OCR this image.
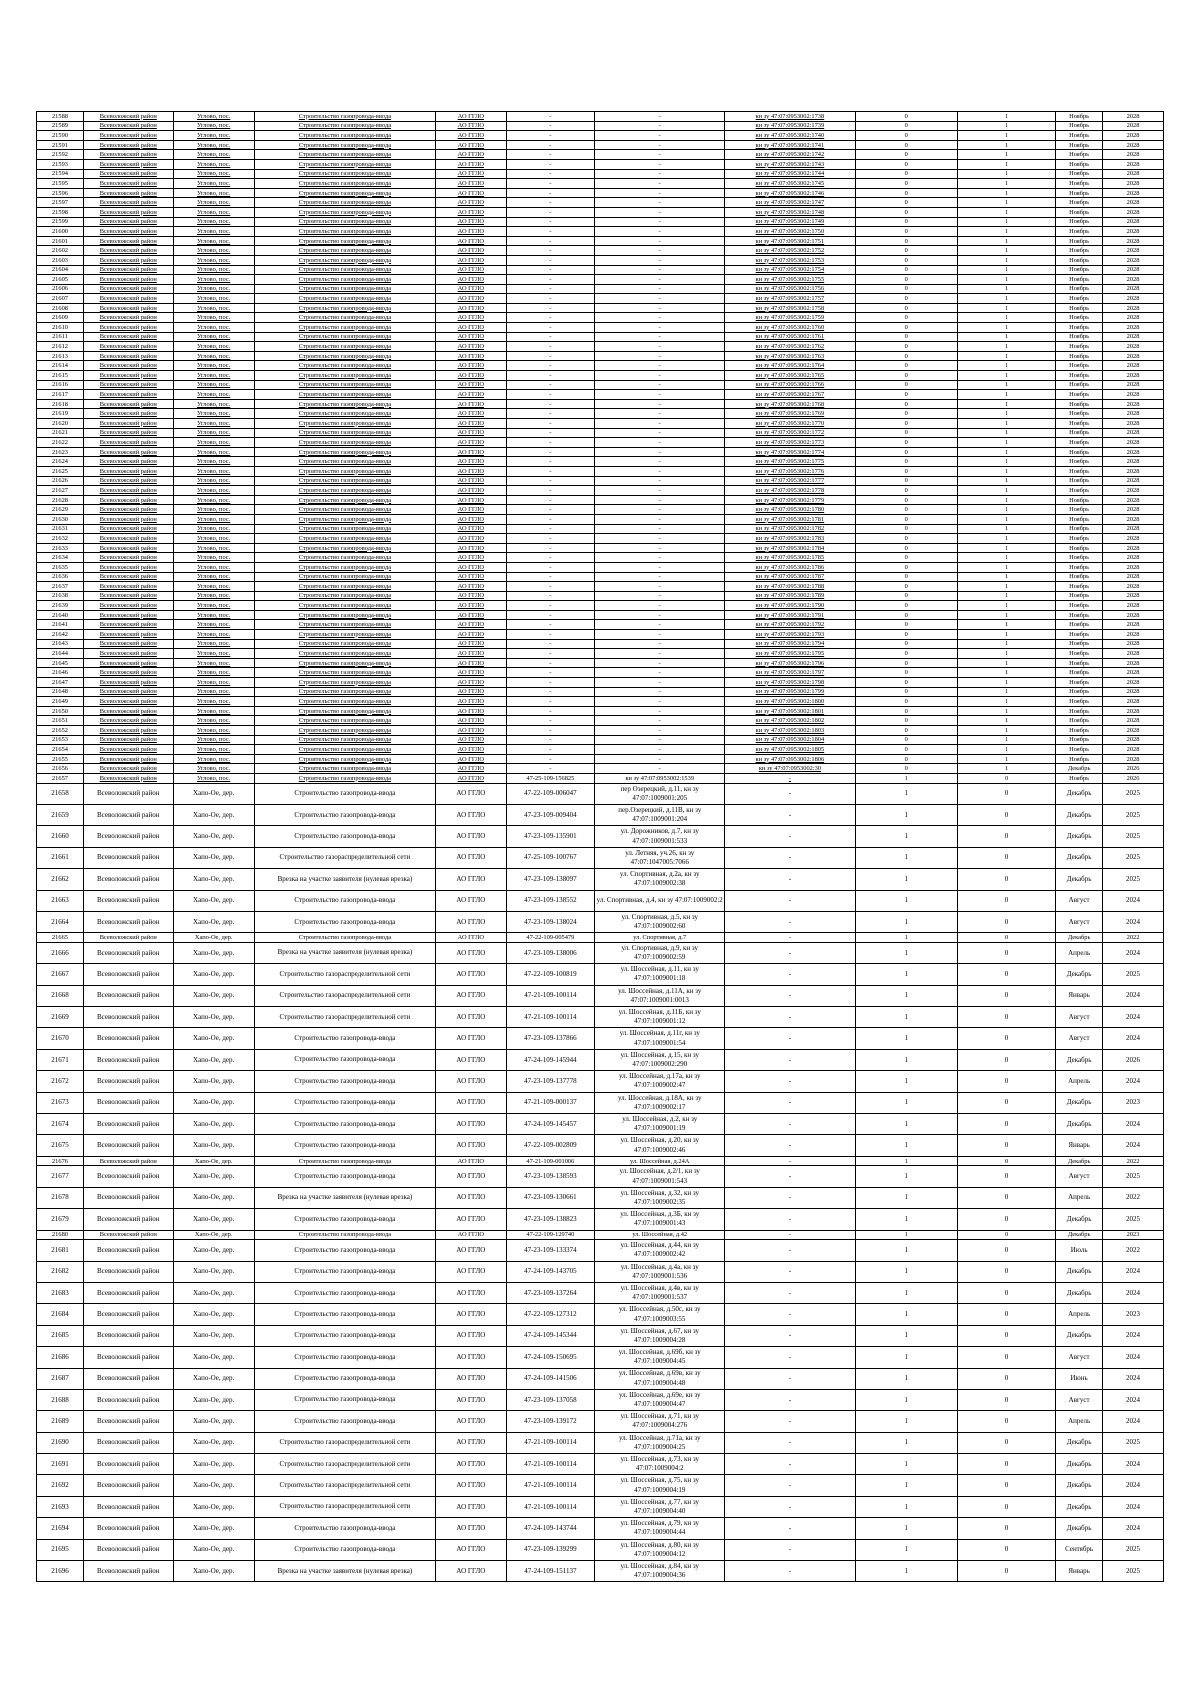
21588	Всеволожский район	Углово, пос.	Строительство газопровода-ввода	АО ГГЛО	-	-	кн зу 47:07:0953002:1738	0	1	Ноябрь	2028
21589	Всеволожский район	Углово, пос.	Строительство газопровода-ввода	АО ГГЛО	-	-	кн зу 47:07:0953002:1739	0	1	Ноябрь	2028
21590	Всеволожский район	Углово, пос.	Строительство газопровода-ввода	АО ГГЛО	-	-	кн зу 47:07:0953002:1740	0	1	Ноябрь	2028
21591	Всеволожский район	Углово, пос.	Строительство газопровода-ввода	АО ГГЛО	-	-	кн зу 47:07:0953002:1741	0	1	Ноябрь	2028
21592	Всеволожский район	Углово, пос.	Строительство газопровода-ввода	АО ГГЛО	-	-	кн зу 47:07:0953002:1742	0	1	Ноябрь	2028
21593	Всеволожский район	Углово, пос.	Строительство газопровода-ввода	АО ГГЛО	-	-	кн зу 47:07:0953002:1743	0	1	Ноябрь	2028
21594	Всеволожский район	Углово, пос.	Строительство газопровода-ввода	АО ГГЛО	-	-	кн зу 47:07:0953002:1744	0	1	Ноябрь	2028
21595	Всеволожский район	Углово, пос.	Строительство газопровода-ввода	АО ГГЛО	-	-	кн зу 47:07:0953002:1745	0	1	Ноябрь	2028
21596	Всеволожский район	Углово, пос.	Строительство газопровода-ввода	АО ГГЛО	-	-	кн зу 47:07:0953002:1746	0	1	Ноябрь	2028
21597	Всеволожский район	Углово, пос.	Строительство газопровода-ввода	АО ГГЛО	-	-	кн зу 47:07:0953002:1747	0	1	Ноябрь	2028
21598	Всеволожский район	Углово, пос.	Строительство газопровода-ввода	АО ГГЛО	-	-	кн зу 47:07:0953002:1748	0	1	Ноябрь	2028
21599	Всеволожский район	Углово, пос.	Строительство газопровода-ввода	АО ГГЛО	-	-	кн зу 47:07:0953002:1749	0	1	Ноябрь	2028
21600	Всеволожский район	Углово, пос.	Строительство газопровода-ввода	АО ГГЛО	-	-	кн зу 47:07:0953002:1750	0	1	Ноябрь	2028
21601	Всеволожский район	Углово, пос.	Строительство газопровода-ввода	АО ГГЛО	-	-	кн зу 47:07:0953002:1751	0	1	Ноябрь	2028
21602	Всеволожский район	Углово, пос.	Строительство газопровода-ввода	АО ГГЛО	-	-	кн зу 47:07:0953002:1752	0	1	Ноябрь	2028
21603	Всеволожский район	Углово, пос.	Строительство газопровода-ввода	АО ГГЛО	-	-	кн зу 47:07:0953002:1753	0	1	Ноябрь	2028
21604	Всеволожский район	Углово, пос.	Строительство газопровода-ввода	АО ГГЛО	-	-	кн зу 47:07:0953002:1754	0	1	Ноябрь	2028
21605	Всеволожский район	Углово, пос.	Строительство газопровода-ввода	АО ГГЛО	-	-	кн зу 47:07:0953002:1755	0	1	Ноябрь	2028
21606	Всеволожский район	Углово, пос.	Строительство газопровода-ввода	АО ГГЛО	-	-	кн зу 47:07:0953002:1756	0	1	Ноябрь	2028
21607	Всеволожский район	Углово, пос.	Строительство газопровода-ввода	АО ГГЛО	-	-	кн зу 47:07:0953002:1757	0	1	Ноябрь	2028
21608	Всеволожский район	Углово, пос.	Строительство газопровода-ввода	АО ГГЛО	-	-	кн зу 47:07:0953002:1758	0	1	Ноябрь	2028
21609	Всеволожский район	Углово, пос.	Строительство газопровода-ввода	АО ГГЛО	-	-	кн зу 47:07:0953002:1759	0	1	Ноябрь	2028
21610	Всеволожский район	Углово, пос.	Строительство газопровода-ввода	АО ГГЛО	-	-	кн зу 47:07:0953002:1760	0	1	Ноябрь	2028
21611	Всеволожский район	Углово, пос.	Строительство газопровода-ввода	АО ГГЛО	-	-	кн зу 47:07:0953002:1761	0	1	Ноябрь	2028
21612	Всеволожский район	Углово, пос.	Строительство газопровода-ввода	АО ГГЛО	-	-	кн зу 47:07:0953002:1762	0	1	Ноябрь	2028
21613	Всеволожский район	Углово, пос.	Строительство газопровода-ввода	АО ГГЛО	-	-	кн зу 47:07:0953002:1763	0	1	Ноябрь	2028
21614	Всеволожский район	Углово, пос.	Строительство газопровода-ввода	АО ГГЛО	-	-	кн зу 47:07:0953002:1764	0	1	Ноябрь	2028
21615	Всеволожский район	Углово, пос.	Строительство газопровода-ввода	АО ГГЛО	-	-	кн зу 47:07:0953002:1765	0	1	Ноябрь	2028
21616	Всеволожский район	Углово, пос.	Строительство газопровода-ввода	АО ГГЛО	-	-	кн зу 47:07:0953002:1766	0	1	Ноябрь	2028
21617	Всеволожский район	Углово, пос.	Строительство газопровода-ввода	АО ГГЛО	-	-	кн зу 47:07:0953002:1767	0	1	Ноябрь	2028
21618	Всеволожский район	Углово, пос.	Строительство газопровода-ввода	АО ГГЛО	-	-	кн зу 47:07:0953002:1768	0	1	Ноябрь	2028
21619	Всеволожский район	Углово, пос.	Строительство газопровода-ввода	АО ГГЛО	-	-	кн зу 47:07:0953002:1769	0	1	Ноябрь	2028
21620	Всеволожский район	Углово, пос.	Строительство газопровода-ввода	АО ГГЛО	-	-	кн зу 47:07:0953002:1770	0	1	Ноябрь	2028
21621	Всеволожский район	Углово, пос.	Строительство газопровода-ввода	АО ГГЛО	-	-	кн зу 47:07:0953002:1772	0	1	Ноябрь	2028
21622	Всеволожский район	Углово, пос.	Строительство газопровода-ввода	АО ГГЛО	-	-	кн зу 47:07:0953002:1773	0	1	Ноябрь	2028
21623	Всеволожский район	Углово, пос.	Строительство газопровода-ввода	АО ГГЛО	-	-	кн зу 47:07:0953002:1774	0	1	Ноябрь	2028
21624	Всеволожский район	Углово, пос.	Строительство газопровода-ввода	АО ГГЛО	-	-	кн зу 47:07:0953002:1775	0	1	Ноябрь	2028
21625	Всеволожский район	Углово, пос.	Строительство газопровода-ввода	АО ГГЛО	-	-	кн зу 47:07:0953002:1776	0	1	Ноябрь	2028
21626	Всеволожский район	Углово, пос.	Строительство газопровода-ввода	АО ГГЛО	-	-	кн зу 47:07:0953002:1777	0	1	Ноябрь	2028
21627	Всеволожский район	Углово, пос.	Строительство газопровода-ввода	АО ГГЛО	-	-	кн зу 47:07:0953002:1778	0	1	Ноябрь	2028
21628	Всеволожский район	Углово, пос.	Строительство газопровода-ввода	АО ГГЛО	-	-	кн зу 47:07:0953002:1779	0	1	Ноябрь	2028
21629	Всеволожский район	Углово, пос.	Строительство газопровода-ввода	АО ГГЛО	-	-	кн зу 47:07:0953002:1780	0	1	Ноябрь	2028
21630	Всеволожский район	Углово, пос.	Строительство газопровода-ввода	АО ГГЛО	-	-	кн зу 47:07:0953002:1781	0	1	Ноябрь	2028
21631	Всеволожский район	Углово, пос.	Строительство газопровода-ввода	АО ГГЛО	-	-	кн зу 47:07:0953002:1782	0	1	Ноябрь	2028
21632	Всеволожский район	Углово, пос.	Строительство газопровода-ввода	АО ГГЛО	-	-	кн зу 47:07:0953002:1783	0	1	Ноябрь	2028
21633	Всеволожский район	Углово, пос.	Строительство газопровода-ввода	АО ГГЛО	-	-	кн зу 47:07:0953002:1784	0	1	Ноябрь	2028
21634	Всеволожский район	Углово, пос.	Строительство газопровода-ввода	АО ГГЛО	-	-	кн зу 47:07:0953002:1785	0	1	Ноябрь	2028
21635	Всеволожский район	Углово, пос.	Строительство газопровода-ввода	АО ГГЛО	-	-	кн зу 47:07:0953002:1786	0	1	Ноябрь	2028
21636	Всеволожский район	Углово, пос.	Строительство газопровода-ввода	АО ГГЛО	-	-	кн зу 47:07:0953002:1787	0	1	Ноябрь	2028
21637	Всеволожский район	Углово, пос.	Строительство газопровода-ввода	АО ГГЛО	-	-	кн зу 47:07:0953002:1788	0	1	Ноябрь	2028
21638	Всеволожский район	Углово, пос.	Строительство газопровода-ввода	АО ГГЛО	-	-	кн зу 47:07:0953002:1789	0	1	Ноябрь	2028
21639	Всеволожский район	Углово, пос.	Строительство газопровода-ввода	АО ГГЛО	-	-	кн зу 47:07:0953002:1790	0	1	Ноябрь	2028
21640	Всеволожский район	Углово, пос.	Строительство газопровода-ввода	АО ГГЛО	-	-	кн зу 47:07:0953002:1791	0	1	Ноябрь	2028
21641	Всеволожский район	Углово, пос.	Строительство газопровода-ввода	АО ГГЛО	-	-	кн зу 47:07:0953002:1792	0	1	Ноябрь	2028
21642	Всеволожский район	Углово, пос.	Строительство газопровода-ввода	АО ГГЛО	-	-	кн зу 47:07:0953002:1793	0	1	Ноябрь	2028
21643	Всеволожский район	Углово, пос.	Строительство газопровода-ввода	АО ГГЛО	-	-	кн зу 47:07:0953002:1794	0	1	Ноябрь	2028
21644	Всеволожский район	Углово, пос.	Строительство газопровода-ввода	АО ГГЛО	-	-	кн зу 47:07:0953002:1795	0	1	Ноябрь	2028
21645	Всеволожский район	Углово, пос.	Строительство газопровода-ввода	АО ГГЛО	-	-	кн зу 47:07:0953002:1796	0	1	Ноябрь	2028
21646	Всеволожский район	Углово, пос.	Строительство газопровода-ввода	АО ГГЛО	-	-	кн зу 47:07:0953002:1797	0	1	Ноябрь	2028
21647	Всеволожский район	Углово, пос.	Строительство газопровода-ввода	АО ГГЛО	-	-	кн зу 47:07:0953002:1798	0	1	Ноябрь	2028
21648	Всеволожский район	Углово, пос.	Строительство газопровода-ввода	АО ГГЛО	-	-	кн зу 47:07:0953002:1799	0	1	Ноябрь	2028
21649	Всеволожский район	Углово, пос.	Строительство газопровода-ввода	АО ГГЛО	-	-	кн зу 47:07:0953002:1800	0	1	Ноябрь	2028
21650	Всеволожский район	Углово, пос.	Строительство газопровода-ввода	АО ГГЛО	-	-	кн зу 47:07:0953002:1801	0	1	Ноябрь	2028
21651	Всеволожский район	Углово, пос.	Строительство газопровода-ввода	АО ГГЛО	-	-	кн зу 47:07:0953002:1802	0	1	Ноябрь	2028
21652	Всеволожский район	Углово, пос.	Строительство газопровода-ввода	АО ГГЛО	-	-	кн зу 47:07:0953002:1803	0	1	Ноябрь	2028
21653	Всеволожский район	Углово, пос.	Строительство газопровода-ввода	АО ГГЛО	-	-	кн зу 47:07:0953002:1804	0	1	Ноябрь	2028
21654	Всеволожский район	Углово, пос.	Строительство газопровода-ввода	АО ГГЛО	-	-	кн зу 47:07:0953002:1805	0	1	Ноябрь	2028
21655	Всеволожский район	Углово, пос.	Строительство газопровода-ввода	АО ГГЛО	-	-	кн зу 47:07:0953002:1806	0	1	Ноябрь	2028
21656	Всеволожский район	Углово, пос.	Строительство газопровода-ввода	АО ГГЛО	-	-	кн зу 47:07:0953002:30	0	1	Декабрь	2026
21657	Всеволожский район	Углово, пос.	Строительство газопровода-ввода	АО ГГЛО	47-25-109-156825	кн зу 47:07:0953002:1539	-	1	0	Ноябрь	2026
21658	Всеволожский район	Хапо-Ое, дер.	Строительство газопровода-ввода	АО ГГЛО	47-22-109-006047	пер Озерецкий, д.11, кн зу 47:07:1009001:205	-	1	0	Декабрь	2025
21659	Всеволожский район	Хапо-Ое, дер.	Строительство газопровода-ввода	АО ГГЛО	47-23-109-009404	пер.Озерецкий, д.11В, кн зу 47:07:1009001:204	-	1	0	Декабрь	2025
21660	Всеволожский район	Хапо-Ое, дер.	Строительство газопровода-ввода	АО ГГЛО	47-23-109-135901	ул. Дорожников, д.7, кн зу 47:07:1009001:533	-	1	0	Декабрь	2025
21661	Всеволожский район	Хапо-Ое, дер.	Строительство газораспределительной сети	АО ГГЛО	47-25-109-100767	ул. Летняя, уч.26, кн зу 47:07:1047005:7066	-	1	0	Декабрь	2025
21662	Всеволожский район	Хапо-Ое, дер.	Врезка на участке заявителя (нулевая врезка)	АО ГГЛО	47-23-109-138097	ул. Спортивная, д.2а, кн зу 47:07:1009002:38	-	1	0	Декабрь	2025
21663	Всеволожский район	Хапо-Ое, дер.	Строительство газопровода-ввода	АО ГГЛО	47-23-109-138552	ул. Спортивная, д.4, кн зу 47:07:1009002:2	-	1	0	Август	2024
21664	Всеволожский район	Хапо-Ое, дер.	Строительство газопровода-ввода	АО ГГЛО	47-23-109-138024	ул. Спортивная, д.5, кн зу 47:07:1009002:60	-	1	0	Август	2024
21665	Всеволожский район	Хапо-Ое, дер.	Строительство газопровода-ввода	АО ГГЛО	47-22-109-005479	ул. Спортивная, д.7	-	1	0	Декабрь	2022
21666	Всеволожский район	Хапо-Ое, дер.	Врезка на участке заявителя (нулевая врезка)	АО ГГЛО	47-23-109-138006	ул. Спортивная, д.9, кн зу 47:07:1009002:59	-	1	0	Апрель	2024
21667	Всеволожский район	Хапо-Ое, дер.	Строительство газораспределительной сети	АО ГГЛО	47-22-109-100819	ул. Шоссейная, д.11, кн зу 47:07:1009001:18	-	1	0	Декабрь	2025
21668	Всеволожский район	Хапо-Ое, дер.	Строительство газораспределительной сети	АО ГГЛО	47-21-109-100114	ул. Шоссейная, д.11А, кн зу 47:07:1009001:0013	-	1	0	Январь	2024
21669	Всеволожский район	Хапо-Ое, дер.	Строительство газораспределительной сети	АО ГГЛО	47-21-109-100114	ул. Шоссейная, д.11Б, кн зу 47:07:1009001:12	-	1	0	Август	2024
21670	Всеволожский район	Хапо-Ое, дер.	Строительство газопровода-ввода	АО ГГЛО	47-23-109-137866	ул. Шоссейная, д.11г, кн зу 47:07:1009001:54	-	1	0	Август	2024
21671	Всеволожский район	Хапо-Ое, дер.	Строительство газопровода-ввода	АО ГГЛО	47-24-109-145944	ул. Шоссейная, д.15, кн зу 47:07:1009002:290	-	1	0	Декабрь	2026
21672	Всеволожский район	Хапо-Ое, дер.	Строительство газопровода-ввода	АО ГГЛО	47-23-109-137778	ул. Шоссейная, д.17а, кн зу 47:07:1009002:47	-	1	0	Апрель	2024
21673	Всеволожский район	Хапо-Ое, дер.	Строительство газопровода-ввода	АО ГГЛО	47-21-109-000137	ул. Шоссейная, д.18А, кн зу 47:07:1009002:17	-	1	0	Декабрь	2023
21674	Всеволожский район	Хапо-Ое, дер.	Строительство газопровода-ввода	АО ГГЛО	47-24-109-145457	ул. Шоссейная, д.2, кн зу 47:07:1009001:19	-	1	0	Декабрь	2024
21675	Всеволожский район	Хапо-Ое, дер.	Строительство газопровода-ввода	АО ГГЛО	47-22-109-002809	ул. Шоссейная, д.20, кн зу 47:07:1009002:46	-	1	0	Январь	2024
21676	Всеволожский район	Хапо-Ое, дер.	Строительство газопровода-ввода	АО ГГЛО	47-21-109-001006	ул. Шоссейная, д.24А	-	1	0	Декабрь	2022
21677	Всеволожский район	Хапо-Ое, дер.	Строительство газопровода-ввода	АО ГГЛО	47-23-109-138593	ул. Шоссейная, д.2/1, кн зу 47:07:1009001:543	-	1	0	Август	2025
21678	Всеволожский район	Хапо-Ое, дер.	Врезка на участке заявителя (нулевая врезка)	АО ГГЛО	47-23-109-130661	ул. Шоссейная, д.32, кн зу 47:07:1009002:35	-	1	0	Апрель	2022
21679	Всеволожский район	Хапо-Ое, дер.	Строительство газопровода-ввода	АО ГГЛО	47-23-109-138823	ул. Шоссейная, д.3Б, кн зу 47:07:1009001:43	-	1	0	Декабрь	2025
21680	Всеволожский район	Хапо-Ое, дер.	Строительство газопровода-ввода	АО ГГЛО	47-22-109-129740	ул. Шоссейная, д.42	-	1	0	Декабрь	2023
21681	Всеволожский район	Хапо-Ое, дер.	Строительство газопровода-ввода	АО ГГЛО	47-23-109-133374	ул. Шоссейная, д.44, кн зу 47:07:1009002:42	-	1	0	Июль	2022
21682	Всеволожский район	Хапо-Ое, дер.	Строительство газопровода-ввода	АО ГГЛО	47-24-109-143705	ул. Шоссейная, д.4а, кн зу 47:07:1009001:536	-	1	0	Декабрь	2024
21683	Всеволожский район	Хапо-Ое, дер.	Строительство газопровода-ввода	АО ГГЛО	47-23-109-137264	ул. Шоссейная, д.4в, кн зу 47:07:1009001:537	-	1	0	Декабрь	2024
21684	Всеволожский район	Хапо-Ое, дер.	Строительство газопровода-ввода	АО ГГЛО	47-22-109-127312	ул. Шоссейная, д.50с, кн зу 47:07:1009003:55	-	1	0	Апрель	2023
21685	Всеволожский район	Хапо-Ое, дер.	Строительство газопровода-ввода	АО ГГЛО	47-24-109-145344	ул. Шоссейная, д.67, кн зу 47:07:1009004:28	-	1	0	Декабрь	2024
21686	Всеволожский район	Хапо-Ое, дер.	Строительство газопровода-ввода	АО ГГЛО	47-24-109-150695	ул. Шоссейная, д.69б, кн зу 47:07:1009004:45	-	1	0	Август	2024
21687	Всеволожский район	Хапо-Ое, дер.	Строительство газопровода-ввода	АО ГГЛО	47-24-109-141506	ул. Шоссейная, д.69в, кн зу 47:07:1009004:48	-	1	0	Июнь	2024
21688	Всеволожский район	Хапо-Ое, дер.	Строительство газопровода-ввода	АО ГГЛО	47-23-109-137058	ул. Шоссейная, д.69е, кн зу 47:07:1009004:47	-	1	0	Август	2024
21689	Всеволожский район	Хапо-Ое, дер.	Строительство газопровода-ввода	АО ГГЛО	47-23-109-139172	ул. Шоссейная, д.71, кн зу 47:07:1009004:276	-	1	0	Апрель	2024
21690	Всеволожский район	Хапо-Ое, дер.	Строительство газораспределительной сети	АО ГГЛО	47-21-109-100114	ул. Шоссейная, д.71а, кн зу 47:07:1009004:25	-	1	0	Декабрь	2025
21691	Всеволожский район	Хапо-Ое, дер.	Строительство газораспределительной сети	АО ГГЛО	47-21-109-100114	ул. Шоссейная, д.73, кн зу 47:07:1009004:2	-	1	0	Декабрь	2024
21692	Всеволожский район	Хапо-Ое, дер.	Строительство газораспределительной сети	АО ГГЛО	47-21-109-100114	ул. Шоссейная, д.75, кн зу 47:07:1009004:19	-	1	0	Декабрь	2024
21693	Всеволожский район	Хапо-Ое, дер.	Строительство газораспределительной сети	АО ГГЛО	47-21-109-100114	ул. Шоссейная, д.77, кн зу 47:07:1009004:40	-	1	0	Декабрь	2024
21694	Всеволожский район	Хапо-Ое, дер.	Строительство газопровода-ввода	АО ГГЛО	47-24-109-143744	ул. Шоссейная, д.79, кн зу 47:07:1009004:44	-	1	0	Декабрь	2024
21695	Всеволожский район	Хапо-Ое, дер.	Строительство газопровода-ввода	АО ГГЛО	47-23-109-139299	ул. Шоссейная, д.80, кн зу 47:07:1009004:12	-	1	0	Сентябрь	2025
21696	Всеволожский район	Хапо-Ое, дер.	Врезка на участке заявителя (нулевая врезка)	АО ГГЛО	47-24-109-151137	ул. Шоссейная, д.84, кн зу 47:07:1009004:36	-	1	0	Январь	2025
